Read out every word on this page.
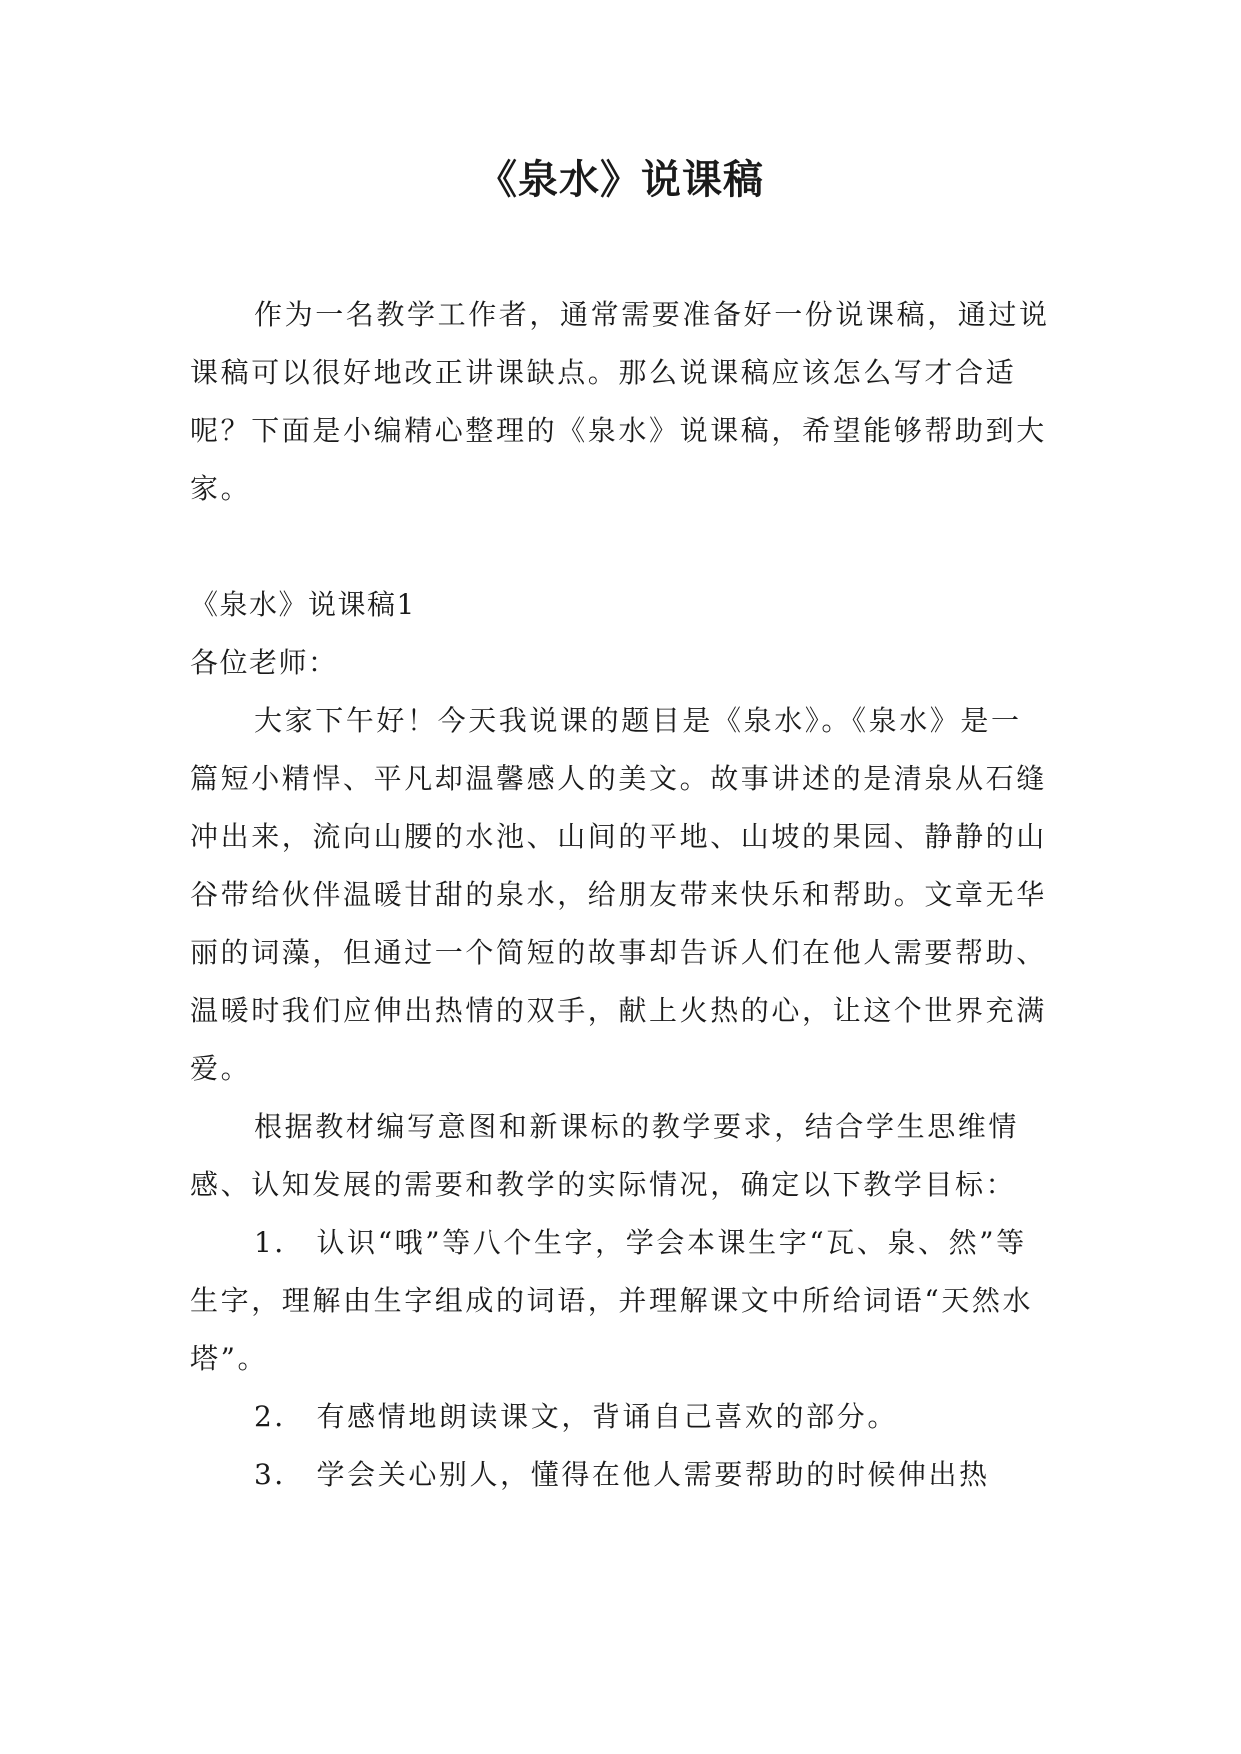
《泉水》说课稿

作为一名教学工作者，通常需要准备好一份说课稿，通过说课稿可以很好地改正讲课缺点。那么说课稿应该怎么写才合适呢？下面是小编精心整理的《泉水》说课稿，希望能够帮助到大家。

《泉水》说课稿1

各位老师：

大家下午好！今天我说课的题目是《泉水》。《泉水》是一篇短小精悍、平凡却温馨感人的美文。故事讲述的是清泉从石缝冲出来，流向山腰的水池、山间的平地、山坡的果园、静静的山谷带给伙伴温暖甘甜的泉水，给朋友带来快乐和帮助。文章无华丽的词藻，但通过一个简短的故事却告诉人们在他人需要帮助、温暖时我们应伸出热情的双手，献上火热的心，让这个世界充满爱。

根据教材编写意图和新课标的教学要求，结合学生思维情感、认知发展的需要和教学的实际情况，确定以下教学目标：

1． 认识“哦”等八个生字，学会本课生字“瓦、泉、然”等生字，理解由生字组成的词语，并理解课文中所给词语“天然水塔”。

2． 有感情地朗读课文，背诵自己喜欢的部分。

3． 学会关心别人，懂得在他人需要帮助的时候伸出热
